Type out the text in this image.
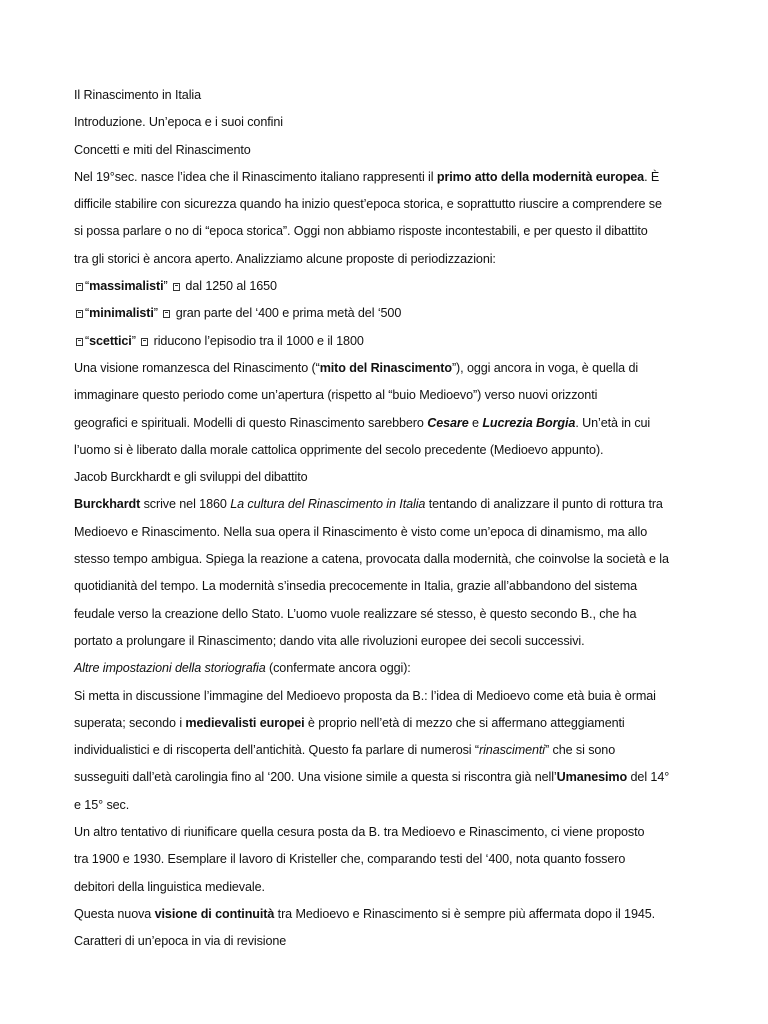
Il Rinascimento in Italia
Introduzione. Un’epoca e i suoi confini
Concetti e miti del Rinascimento
Nel 19°sec. nasce l’idea che il Rinascimento italiano rappresenti il primo atto della modernità europea. È
difficile stabilire con sicurezza quando ha inizio quest’epoca storica, e soprattutto riuscire a comprendere se
si possa parlare o no di “epoca storica”. Oggi non abbiamo risposte incontestabili, e per questo il dibattito
tra gli storici è ancora aperto. Analizziamo alcune proposte di periodizzazioni:
“massimalisti”  dal 1250 al 1650
“minimalisti”  gran parte del ‘400 e prima metà del ‘500
“scettici”  riducono l’episodio tra il 1000 e il 1800
Una visione romanzesca del Rinascimento (“mito del Rinascimento”), oggi ancora in voga, è quella di
immaginare questo periodo come un’apertura (rispetto al “buio Medioevo”) verso nuovi orizzonti
geografici e spirituali. Modelli di questo Rinascimento sarebbero Cesare e Lucrezia Borgia. Un’età in cui
l’uomo si è liberato dalla morale cattolica opprimente del secolo precedente (Medioevo appunto).
Jacob Burckhardt e gli sviluppi del dibattito
Burckhardt scrive nel 1860 La cultura del Rinascimento in Italia tentando di analizzare il punto di rottura tra
Medioevo e Rinascimento. Nella sua opera il Rinascimento è visto come un’epoca di dinamismo, ma allo
stesso tempo ambigua. Spiega la reazione a catena, provocata dalla modernità, che coinvolse la società e la
quotidianità del tempo. La modernità s’insedia precocemente in Italia, grazie all’abbandono del sistema
feudale verso la creazione dello Stato. L’uomo vuole realizzare sé stesso, è questo secondo B., che ha
portato a prolungare il Rinascimento; dando vita alle rivoluzioni europee dei secoli successivi.
Altre impostazioni della storiografia (confermate ancora oggi):
Si metta in discussione l’immagine del Medioevo proposta da B.: l’idea di Medioevo come età buia è ormai
superata; secondo i medievalisti europei è proprio nell’età di mezzo che si affermano atteggiamenti
individualistici e di riscoperta dell’antichità. Questo fa parlare di numerosi “rinascimenti” che si sono
susseguiti dall’età carolingia fino al ‘200. Una visione simile a questa si riscontra già nell’Umanesimo del 14°
e 15° sec.
Un altro tentativo di riunificare quella cesura posta da B. tra Medioevo e Rinascimento, ci viene proposto
tra 1900 e 1930. Esemplare il lavoro di Kristeller che, comparando testi del ‘400, nota quanto fossero
debitori della linguistica medievale.
Questa nuova visione di continuità tra Medioevo e Rinascimento si è sempre più affermata dopo il 1945.
Caratteri di un’epoca in via di revisione
